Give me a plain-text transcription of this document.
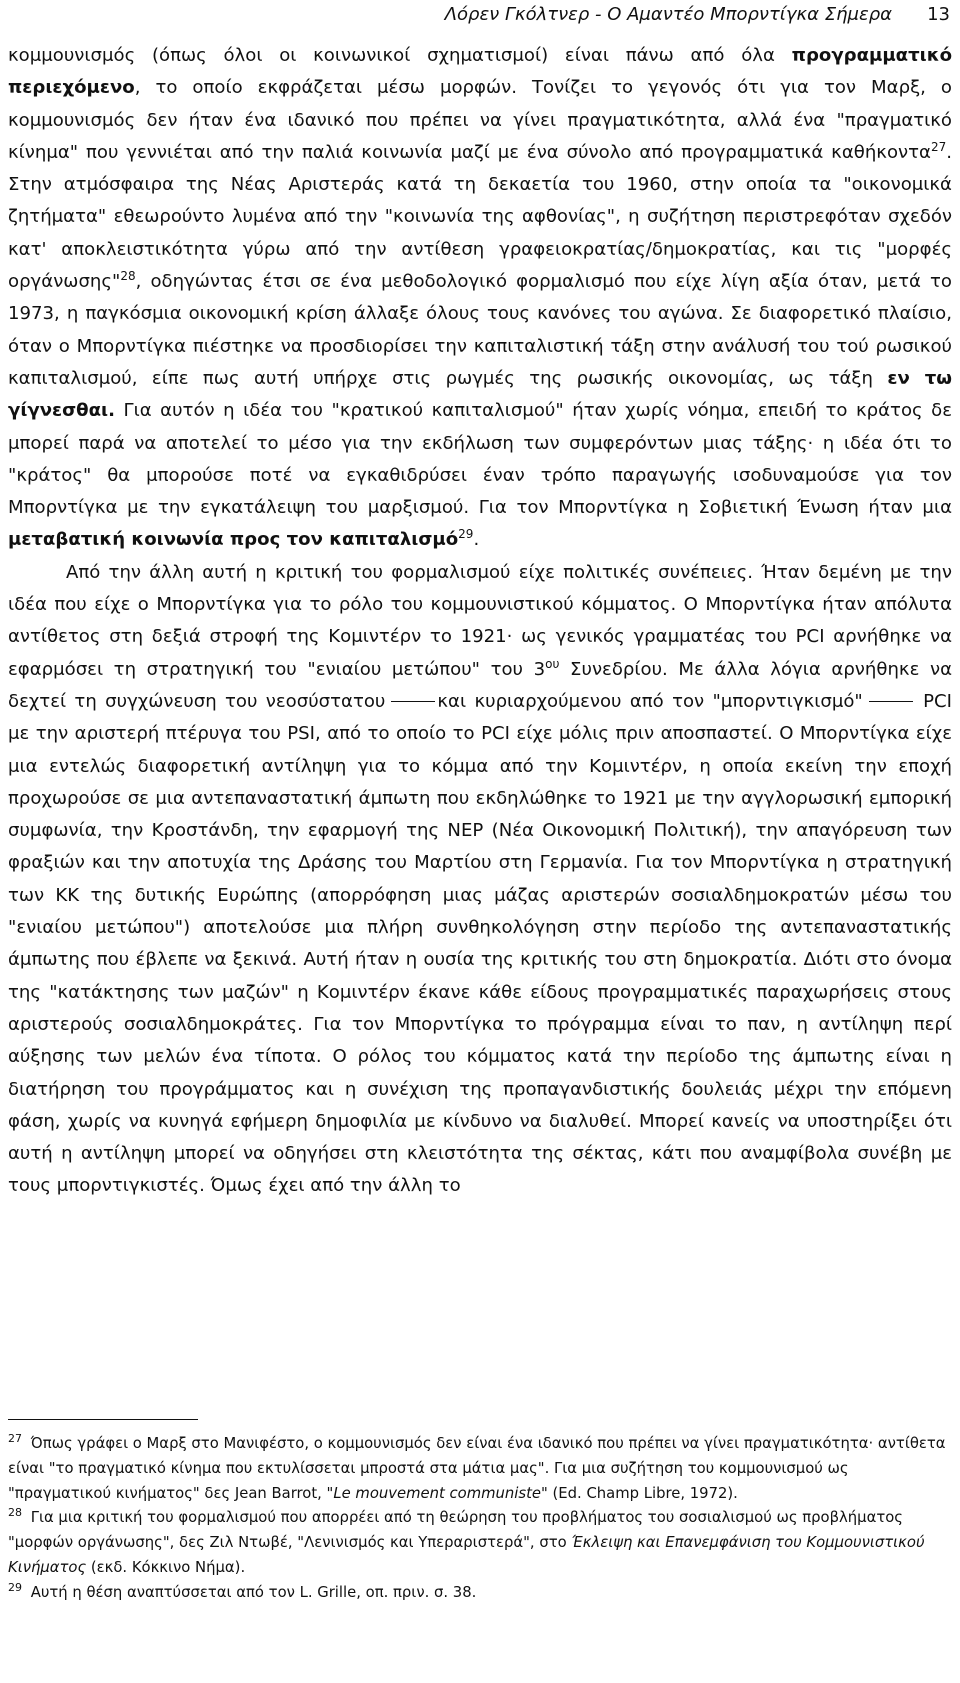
Λόρεν Γκόλτνερ - Ο Αμαντέο Μπορντίγκα Σήμερα 13

κομμουνισμός (όπως όλοι οι κοινωνικοί σχηματισμοί) είναι πάνω από όλα προγραμματικό περιεχόμενο, το οποίο εκφράζεται μέσω μορφών. Τονίζει το γεγονός ότι για τον Μαρξ, ο κομμουνισμός δεν ήταν ένα ιδανικό που πρέπει να γίνει πραγματικότητα, αλλά ένα "πραγματικό κίνημα" που γεννιέται από την παλιά κοινωνία μαζί με ένα σύνολο από προγραμματικά καθήκοντα$^{27}$. Στην ατμόσφαιρα της Νέας Αριστεράς κατά τη δεκαετία του 1960, στην οποία τα "οικονομικά ζητήματα" εθεωρούντο λυμένα από την "κοινωνία της αφθονίας", η συζήτηση περιστρεφόταν σχεδόν κατ' αποκλειστικότητα γύρω από την αντίθεση γραφειοκρατίας/δημοκρατίας, και τις "μορφές οργάνωσης"$^{28}$, οδηγώντας έτσι σε ένα μεθοδολογικό φορμαλισμό που είχε λίγη αξία όταν, μετά το 1973, η παγκόσμια οικονομική κρίση άλλαξε όλους τους κανόνες του αγώνα. Σε διαφορετικό πλαίσιο, όταν ο Μπορντίγκα πιέστηκε να προσδιορίσει την καπιταλιστική τάξη στην ανάλυσή του τού ρωσικού καπιταλισμού, είπε πως αυτή υπήρχε στις ρωγμές της ρωσικής οικονομίας, ως τάξη εν τω γίγνεσθαι. Για αυτόν η ιδέα του "κρατικού καπιταλισμού" ήταν χωρίς νόημα, επειδή το κράτος δε μπορεί παρά να αποτελεί το μέσο για την εκδήλωση των συμφερόντων μιας τάξης· η ιδέα ότι το "κράτος" θα μπορούσε ποτέ να εγκαθιδρύσει έναν τρόπο παραγωγής ισοδυναμούσε για τον Μπορντίγκα με την εγκατάλειψη του μαρξισμού. Για τον Μπορντίγκα η Σοβιετική Ένωση ήταν μια μεταβατική κοινωνία προς τον καπιταλισμό$^{29}$.

Από την άλλη αυτή η κριτική του φορμαλισμού είχε πολιτικές συνέπειες. Ήταν δεμένη με την ιδέα που είχε ο Μπορντίγκα για το ρόλο του κομμουνιστικού κόμματος. Ο Μπορντίγκα ήταν απόλυτα αντίθετος στη δεξιά στροφή της Κομιντέρν το 1921· ως γενικός γραμματέας του PCI αρνήθηκε να εφαρμόσει τη στρατηγική του "ενιαίου μετώπου" του 3$^{o\upsilon}$ Συνεδρίου. Με άλλα λόγια αρνήθηκε να δεχτεί τη συγχώνευση του νεοσύστατου	και κυριαρχούμενου από τον "μπορντιγκισμό"	PCI με την αριστερή πτέρυγα του PSI, από το οποίο το PCI είχε μόλις πριν αποσπαστεί. Ο Μπορντίγκα είχε μια εντελώς διαφορετική αντίληψη για το κόμμα από την Κομιντέρν, η οποία εκείνη την εποχή προχωρούσε σε μια αντεπαναστατική άμπωτη που εκδηλώθηκε το 1921 με την αγγλορωσική εμπορική συμφωνία, την Κροστάνδη, την εφαρμογή της NEP (Νέα Οικονομική Πολιτική), την απαγόρευση των φραξιών και την αποτυχία της Δράσης του Μαρτίου στη Γερμανία. Για τον Μπορντίγκα η στρατηγική των ΚΚ της δυτικής Ευρώπης (απορρόφηση μιας μάζας αριστερών σοσιαλδημοκρατών μέσω του "ενιαίου μετώπου") αποτελούσε μια πλήρη συνθηκολόγηση στην περίοδο της αντεπαναστατικής άμπωτης που έβλεπε να ξεκινά. Αυτή ήταν η ουσία της κριτικής του στη δημοκρατία. Διότι στο όνομα της "κατάκτησης των μαζών" η Κομιντέρν έκανε κάθε είδους προγραμματικές παραχωρήσεις στους αριστερούς σοσιαλδημοκράτες. Για τον Μπορντίγκα το πρόγραμμα είναι το παν, η αντίληψη περί αύξησης των μελών ένα τίποτα. Ο ρόλος του κόμματος κατά την περίοδο της άμπωτης είναι η διατήρηση του προγράμματος και η συνέχιση της προπαγανδιστικής δουλειάς μέχρι την επόμενη φάση, χωρίς να κυνηγά εφήμερη δημοφιλία με κίνδυνο να διαλυθεί. Μπορεί κανείς να υποστηρίξει ότι αυτή η αντίληψη μπορεί να οδηγήσει στη κλειστότητα της σέκτας, κάτι που αναμφίβολα συνέβη με τους μπορντιγκιστές. Όμως έχει από την άλλη το

$^{27}$ Όπως γράφει ο Μαρξ στο Μανιφέστο, ο κομμουνισμός δεν είναι ένα ιδανικό που πρέπει να γίνει πραγματικότητα· αντίθετα είναι "το πραγματικό κίνημα που εκτυλίσσεται μπροστά στα μάτια μας". Για μια συζήτηση του κομμουνισμού ως "πραγματικού κινήματος" δες Jean Barrot, "Le mouvement communiste" (Ed. Champ Libre, 1972).

$^{28}$ Για μια κριτική του φορμαλισμού που απορρέει από τη θεώρηση του προβλήματος του σοσιαλισμού ως προβλήματος "μορφών οργάνωσης", δες Ζιλ Ντωβέ, "Λενινισμός και Υπεραριστερά", στο Έκλειψη και Επανεμφάνιση του Κομμουνιστικού Κινήματος (εκδ. Κόκκινο Νήμα).

$^{29}$ Αυτή η θέση αναπτύσσεται από τον L. Grille, οπ. πριν. σ. 38.
